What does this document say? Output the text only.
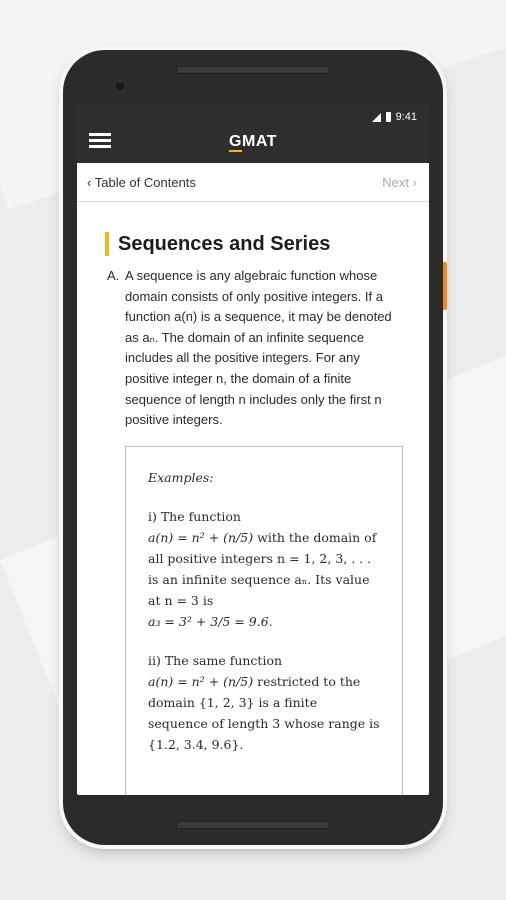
9:41
GMAT
‹ Table of Contents	Next ›
Sequences and Series
A. A sequence is any algebraic function whose domain consists of only positive integers. If a function a(n) is a sequence, it may be denoted as aₙ. The domain of an infinite sequence includes all the positive integers. For any positive integer n, the domain of a finite sequence of length n includes only the first n positive integers.
Examples:
i) The function
a(n) = n² + (n/5) with the domain of all positive integers n = 1, 2, 3, . . . is an infinite sequence aₙ. Its value at n = 3 is
a₃ = 3² + 3/5 = 9.6.
ii) The same function
a(n) = n² + (n/5) restricted to the domain {1, 2, 3} is a finite sequence of length 3 whose range is {1.2, 3.4, 9.6}.
